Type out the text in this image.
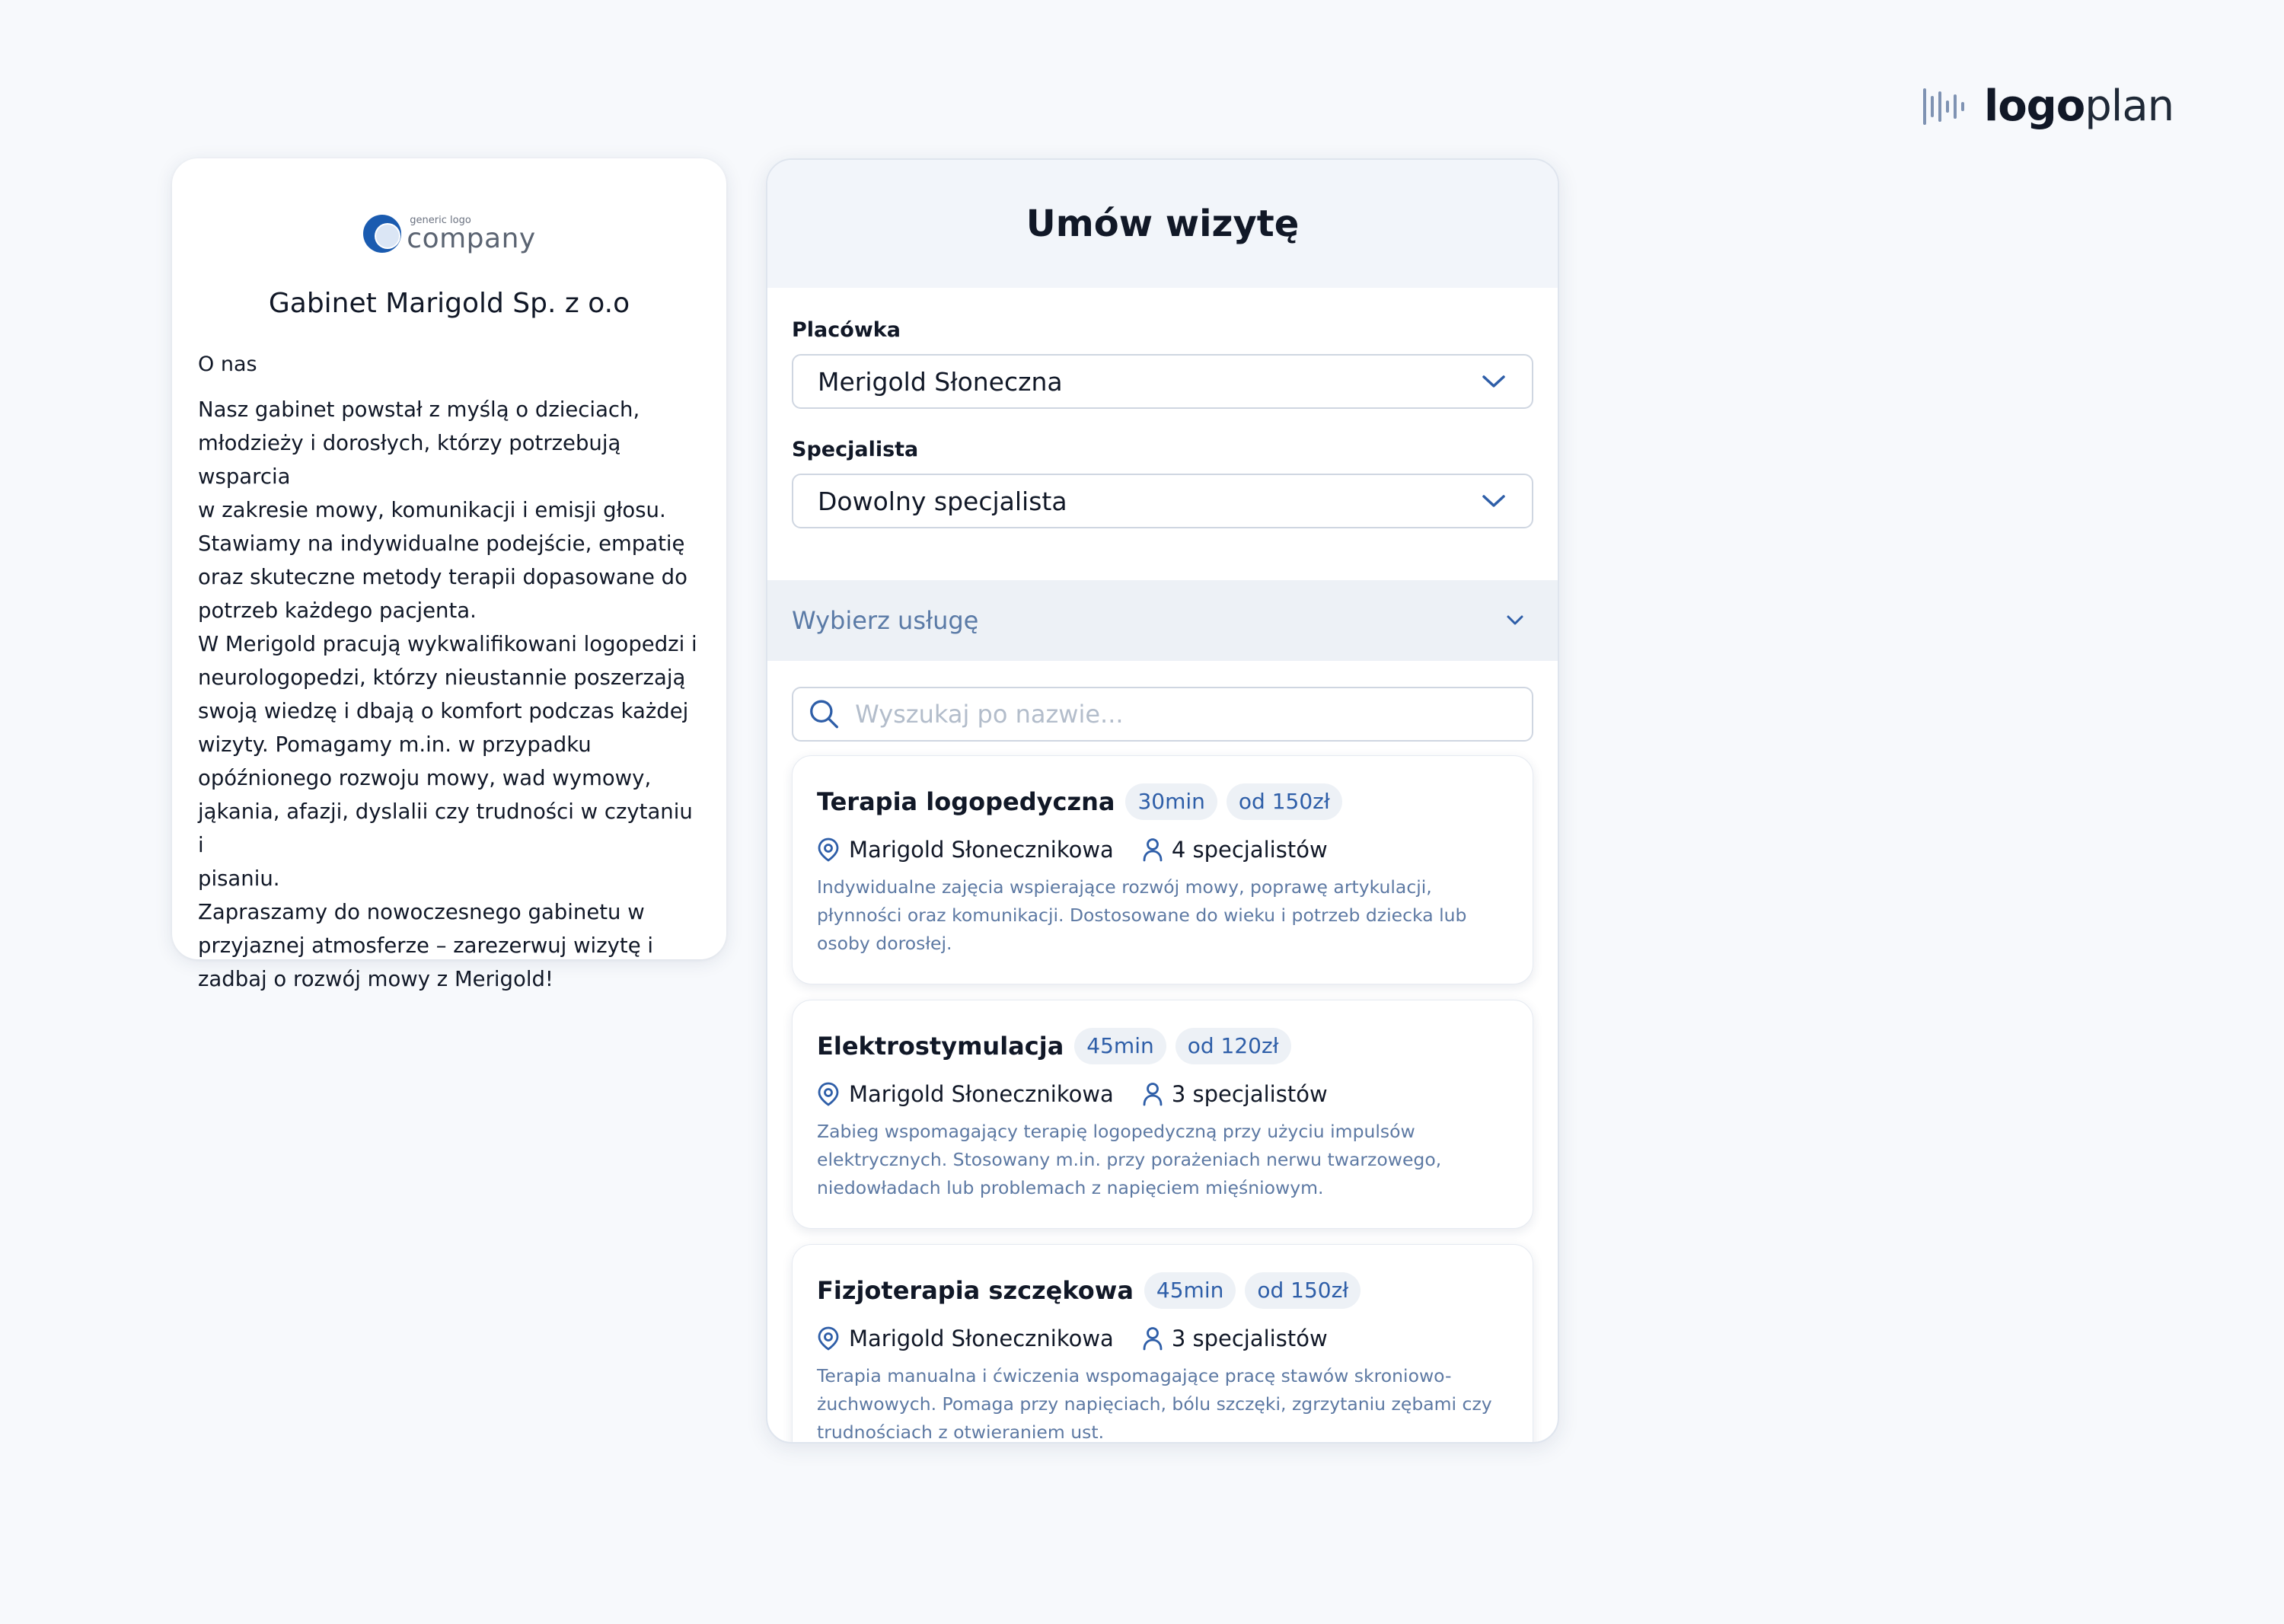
logoplan
generic logo
company
Gabinet Marigold Sp. z o.o
O nas
Nasz gabinet powstał z myślą o dzieciach,
młodzieży i dorosłych, którzy potrzebują wsparcia
w zakresie mowy, komunikacji i emisji głosu.
Stawiamy na indywidualne podejście, empatię
oraz skuteczne metody terapii dopasowane do
potrzeb każdego pacjenta.
W Merigold pracują wykwalifikowani logopedzi i
neurologopedzi, którzy nieustannie poszerzają
swoją wiedzę i dbają o komfort podczas każdej
wizyty. Pomagamy m.in. w przypadku
opóźnionego rozwoju mowy, wad wymowy,
jąkania, afazji, dyslalii czy trudności w czytaniu i
pisaniu.
Zapraszamy do nowoczesnego gabinetu w
przyjaznej atmosferze – zarezerwuj wizytę i
zadbaj o rozwój mowy z Merigold!
Umów wizytę
Placówka
Merigold Słoneczna
Specjalista
Dowolny specjalista
Wybierz usługę
Wyszukaj po nazwie...
Terapia logopedyczna	30min	od 150zł
Marigold Słonecznikowa	4 specjalistów
Indywidualne zajęcia wspierające rozwój mowy, poprawę artykulacji, płynności oraz komunikacji. Dostosowane do wieku i potrzeb dziecka lub osoby dorosłej.
Elektrostymulacja	45min	od 120zł
Marigold Słonecznikowa	3 specjalistów
Zabieg wspomagający terapię logopedyczną przy użyciu impulsów elektrycznych. Stosowany m.in. przy porażeniach nerwu twarzowego, niedowładach lub problemach z napięciem mięśniowym.
Fizjoterapia szczękowa	45min	od 150zł
Marigold Słonecznikowa	3 specjalistów
Terapia manualna i ćwiczenia wspomagające pracę stawów skroniowo-żuchwowych. Pomaga przy napięciach, bólu szczęki, zgrzytaniu zębami czy trudnościach z otwieraniem ust.
